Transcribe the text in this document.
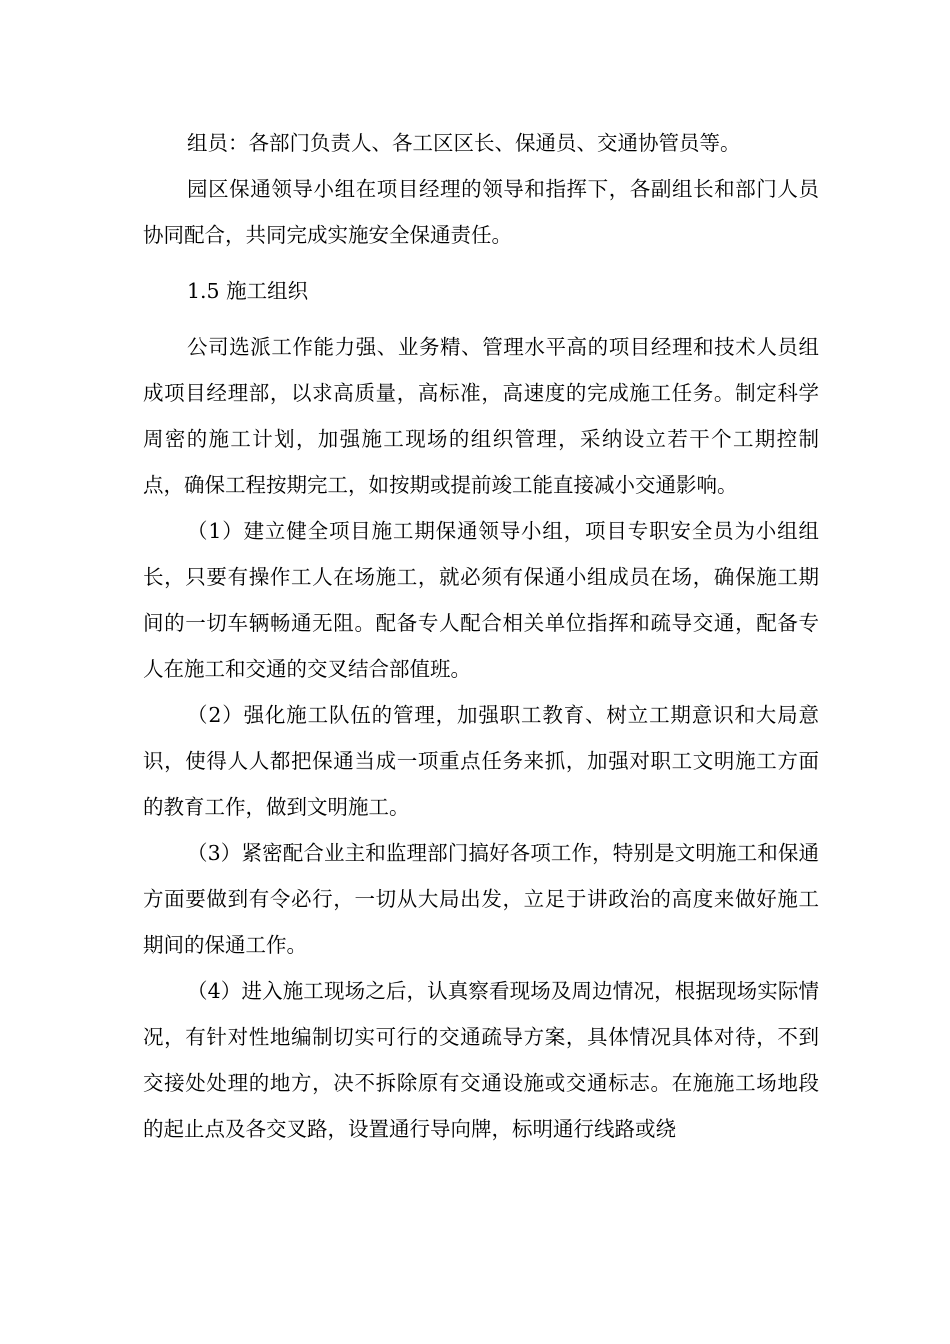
组员：各部门负责人、各工区区长、保通员、交通协管员等。

园区保通领导小组在项目经理的领导和指挥下，各副组长和部门人员协同配合，共同完成实施安全保通责任。

1.5 施工组织

公司选派工作能力强、业务精、管理水平高的项目经理和技术人员组成项目经理部，以求高质量，高标准，高速度的完成施工任务。制定科学周密的施工计划，加强施工现场的组织管理，采纳设立若干个工期控制点，确保工程按期完工，如按期或提前竣工能直接减小交通影响。

（1）建立健全项目施工期保通领导小组，项目专职安全员为小组组长，只要有操作工人在场施工，就必须有保通小组成员在场，确保施工期间的一切车辆畅通无阻。配备专人配合相关单位指挥和疏导交通，配备专人在施工和交通的交叉结合部值班。

（2）强化施工队伍的管理，加强职工教育、树立工期意识和大局意识，使得人人都把保通当成一项重点任务来抓，加强对职工文明施工方面的教育工作，做到文明施工。

（3）紧密配合业主和监理部门搞好各项工作，特别是文明施工和保通方面要做到有令必行，一切从大局出发，立足于讲政治的高度来做好施工期间的保通工作。

（4）进入施工现场之后，认真察看现场及周边情况，根据现场实际情况，有针对性地编制切实可行的交通疏导方案，具体情况具体对待，不到交接处处理的地方，决不拆除原有交通设施或交通标志。在施施工场地段的起止点及各交叉路，设置通行导向牌，标明通行线路或绕
